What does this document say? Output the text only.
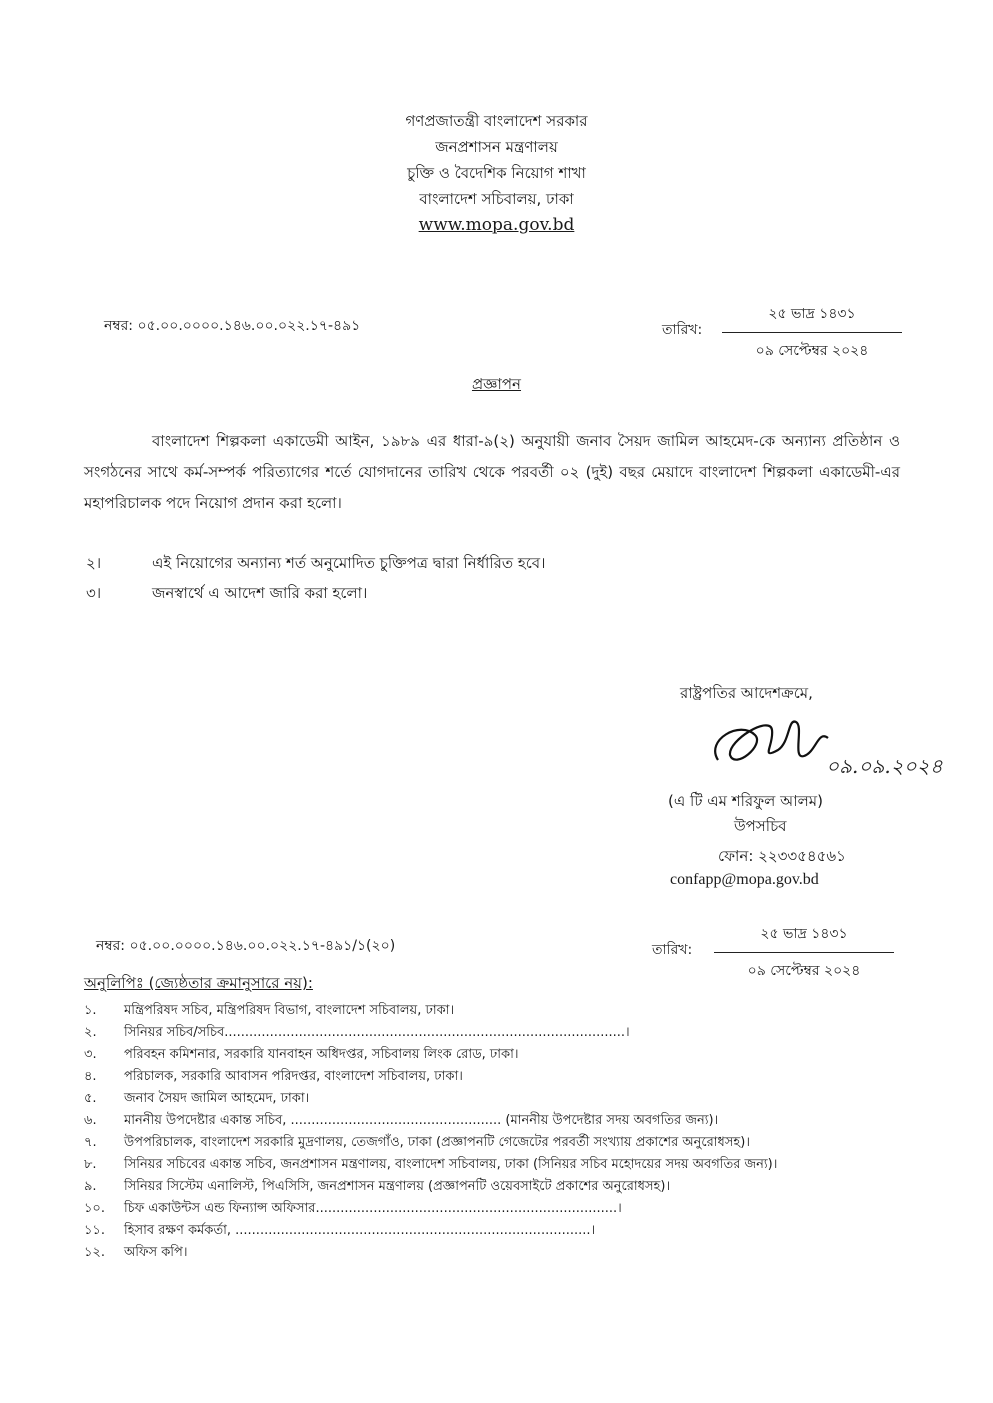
গণপ্রজাতন্ত্রী বাংলাদেশ সরকার
জনপ্রশাসন মন্ত্রণালয়
চুক্তি ও বৈদেশিক নিয়োগ শাখা
বাংলাদেশ সচিবালয়, ঢাকা
www.mopa.gov.bd
নম্বর: ০৫.০০.০০০০.১৪৬.০০.০২২.১৭-৪৯১	তারিখ:
২৫ ভাদ্র ১৪৩১
০৯ সেপ্টেম্বর ২০২৪
প্রজ্ঞাপন
বাংলাদেশ শিল্পকলা একাডেমী আইন, ১৯৮৯ এর ধারা-৯(২) অনুযায়ী জনাব সৈয়দ জামিল আহমেদ-কে অন্যান্য প্রতিষ্ঠান ও সংগঠনের সাথে কর্ম-সম্পর্ক পরিত্যাগের শর্তে যোগদানের তারিখ থেকে পরবর্তী ০২ (দুই) বছর মেয়াদে বাংলাদেশ শিল্পকলা একাডেমী-এর মহাপরিচালক পদে নিয়োগ প্রদান করা হলো।
২।	এই নিয়োগের অন্যান্য শর্ত অনুমোদিত চুক্তিপত্র দ্বারা নির্ধারিত হবে।
৩।	জনস্বার্থে এ আদেশ জারি করা হলো।
রাষ্ট্রপতির আদেশক্রমে,
০৯.০৯.২০২৪
(এ টি এম শরিফুল আলম)
উপসচিব
ফোন: ২২৩৩৫৪৫৬১
confapp@mopa.gov.bd
নম্বর: ০৫.০০.০০০০.১৪৬.০০.০২২.১৭-৪৯১/১(২০)	তারিখ:
২৫ ভাদ্র ১৪৩১
০৯ সেপ্টেম্বর ২০২৪
অনুলিপিঃ (জ্যেষ্ঠতার ক্রমানুসারে নয়):
১. মন্ত্রিপরিষদ সচিব, মন্ত্রিপরিষদ বিভাগ, বাংলাদেশ সচিবালয়, ঢাকা।
২. সিনিয়র সচিব/সচিব.................................................................................................।
৩. পরিবহন কমিশনার, সরকারি যানবাহন অধিদপ্তর, সচিবালয় লিংক রোড, ঢাকা।
৪. পরিচালক, সরকারি আবাসন পরিদপ্তর, বাংলাদেশ সচিবালয়, ঢাকা।
৫. জনাব সৈয়দ জামিল আহমেদ, ঢাকা।
৬. মাননীয় উপদেষ্টার একান্ত সচিব, ................................................... (মাননীয় উপদেষ্টার সদয় অবগতির জন্য)।
৭. উপপরিচালক, বাংলাদেশ সরকারি মুদ্রণালয়, তেজগাঁও, ঢাকা (প্রজ্ঞাপনটি গেজেটের পরবর্তী সংখ্যায় প্রকাশের অনুরোধসহ)।
৮. সিনিয়র সচিবের একান্ত সচিব, জনপ্রশাসন মন্ত্রণালয়, বাংলাদেশ সচিবালয়, ঢাকা (সিনিয়র সচিব মহোদয়ের সদয় অবগতির জন্য)।
৯. সিনিয়র সিস্টেম এনালিস্ট, পিএসিসি, জনপ্রশাসন মন্ত্রণালয় (প্রজ্ঞাপনটি ওয়েবসাইটে প্রকাশের অনুরোধসহ)।
১০. চিফ একাউন্টস এন্ড ফিন্যান্স অফিসার.........................................................................।
১১. হিসাব রক্ষণ কর্মকর্তা, ......................................................................................।
১২. অফিস কপি।
